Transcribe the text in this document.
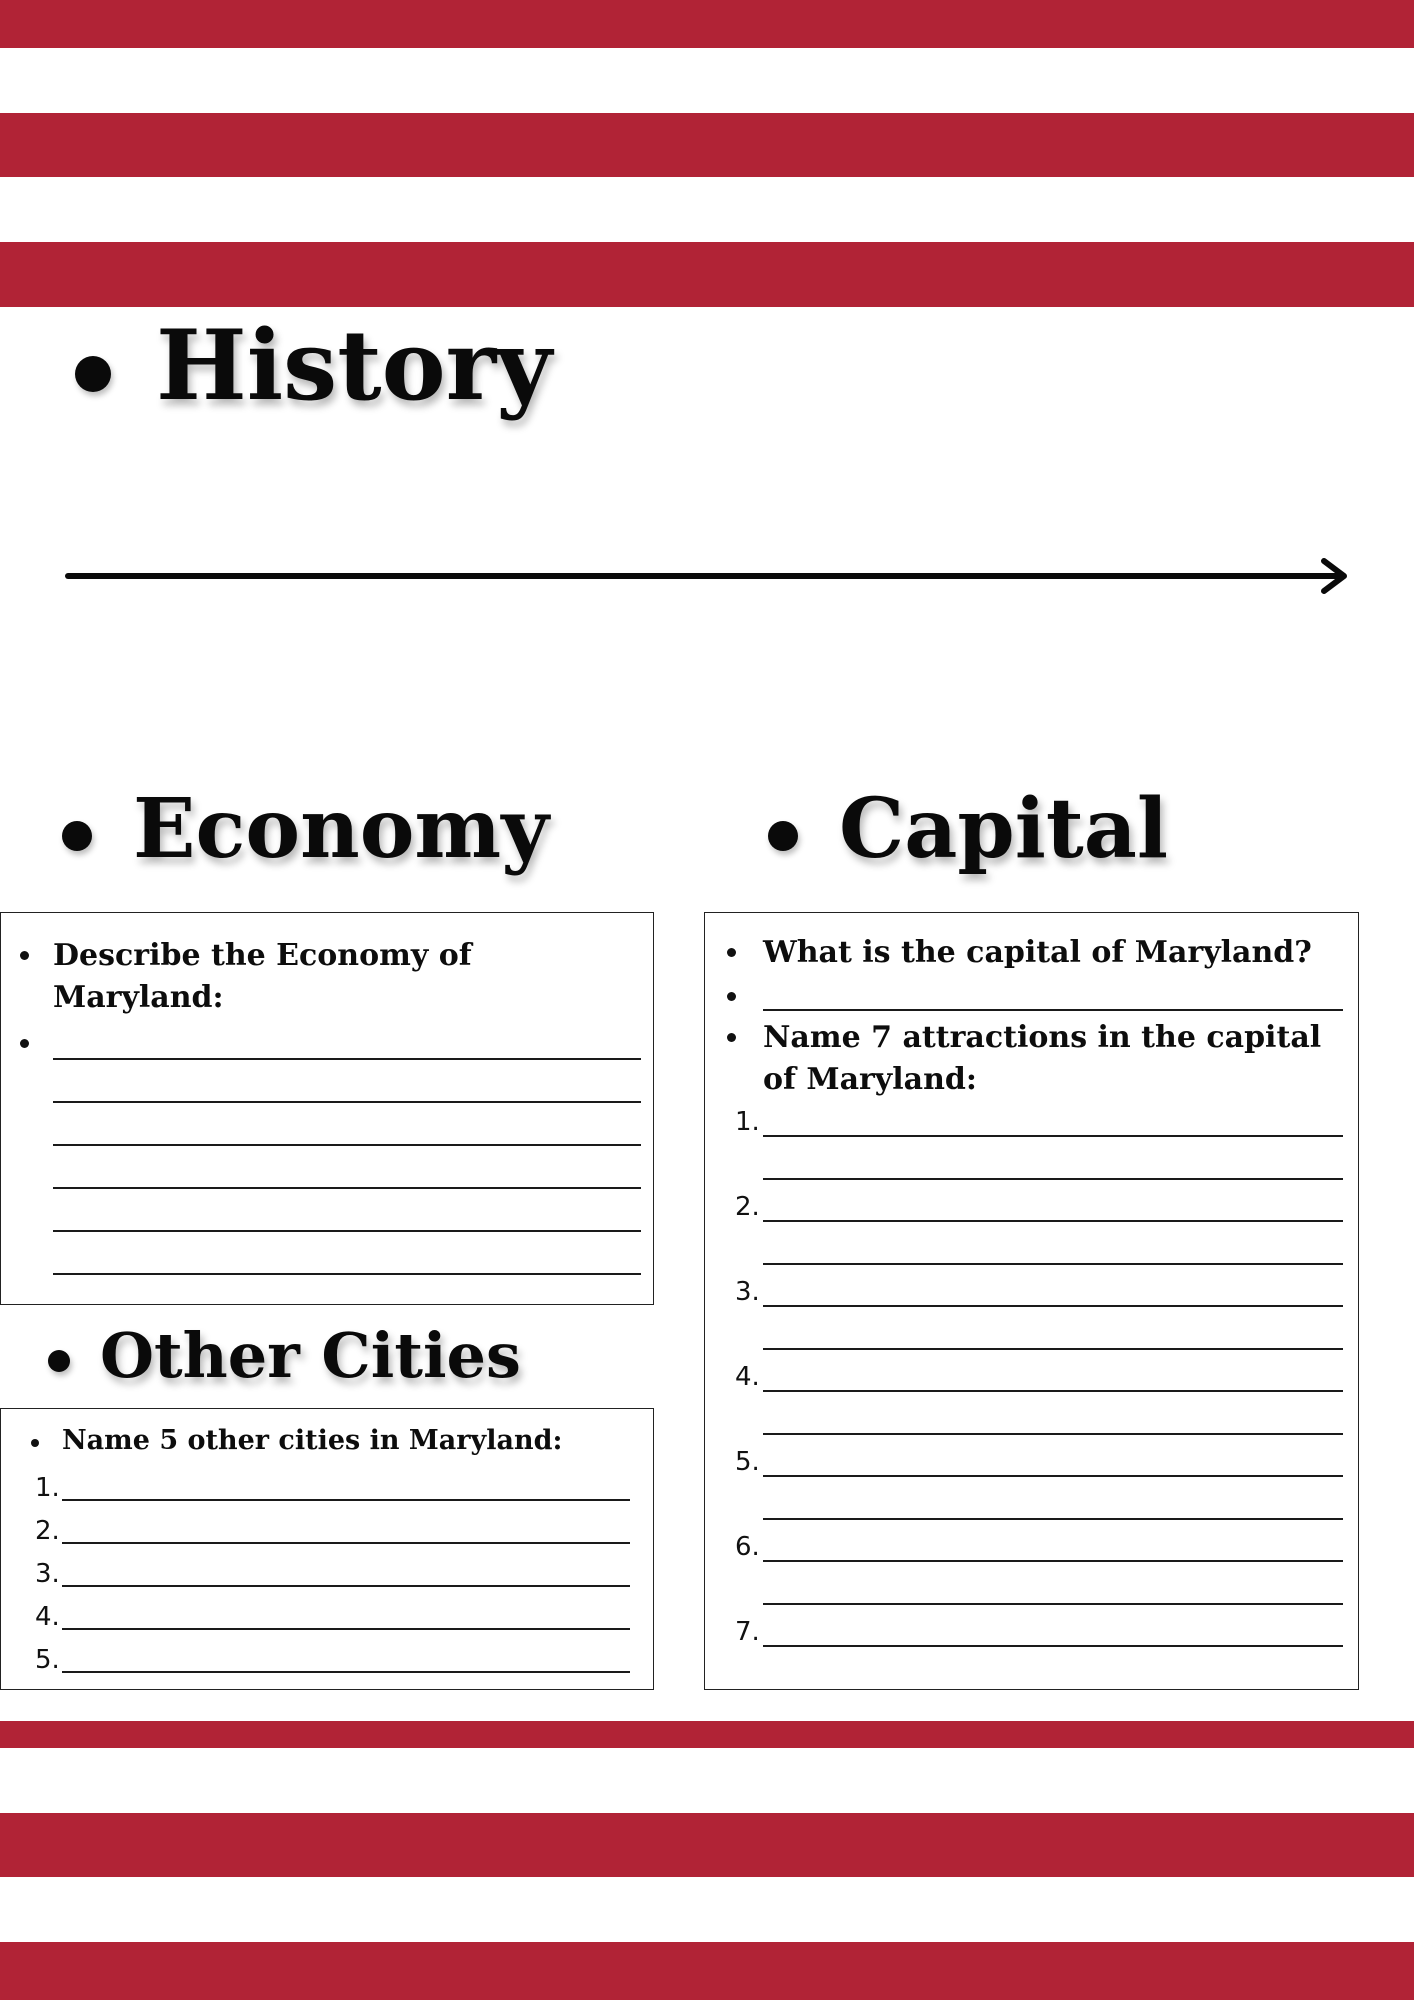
History
Economy	Capital

Describe the Economy of Maryland:

Other Cities

Name 5 other cities in Maryland:

1.
2.
3.
4.
5.

What is the capital of Maryland?

Name 7 attractions in the capital of Maryland:

1.
2.
3.
4.
5.
6.
7.
